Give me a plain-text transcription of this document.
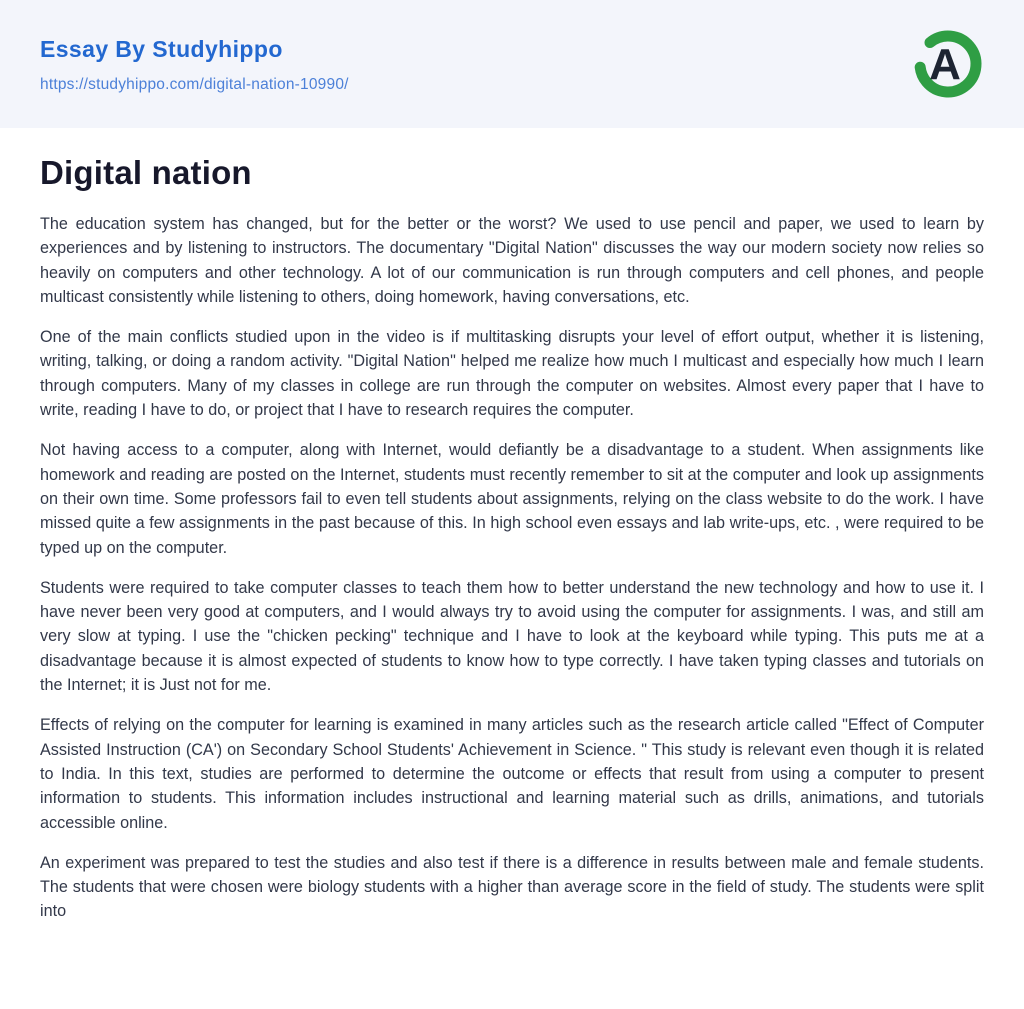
Essay By Studyhippo
https://studyhippo.com/digital-nation-10990/	A
Digital nation

The education system has changed, but for the better or the worst? We used to use pencil and paper, we used to learn by experiences and by listening to instructors. The documentary "Digital Nation" discusses the way our modern society now relies so heavily on computers and other technology. A lot of our communication is run through computers and cell phones, and people multicast consistently while listening to others, doing homework, having conversations, etc.

One of the main conflicts studied upon in the video is if multitasking disrupts your level of effort output, whether it is listening, writing, talking, or doing a random activity. "Digital Nation" helped me realize how much I multicast and especially how much I learn through computers. Many of my classes in college are run through the computer on websites. Almost every paper that I have to write, reading I have to do, or project that I have to research requires the computer.

Not having access to a computer, along with Internet, would defiantly be a disadvantage to a student. When assignments like homework and reading are posted on the Internet, students must recently remember to sit at the computer and look up assignments on their own time. Some professors fail to even tell students about assignments, relying on the class website to do the work. I have missed quite a few assignments in the past because of this. In high school even essays and lab write-ups, etc. , were required to be typed up on the computer.

Students were required to take computer classes to teach them how to better understand the new technology and how to use it. I have never been very good at computers, and I would always try to avoid using the computer for assignments. I was, and still am very slow at typing. I use the "chicken pecking" technique and I have to look at the keyboard while typing. This puts me at a disadvantage because it is almost expected of students to know how to type correctly. I have taken typing classes and tutorials on the Internet; it is Just not for me.

Effects of relying on the computer for learning is examined in many articles such as the research article called "Effect of Computer Assisted Instruction (CA') on Secondary School Students' Achievement in Science. " This study is relevant even though it is related to India. In this text, studies are performed to determine the outcome or effects that result from using a computer to present information to students. This information includes instructional and learning material such as drills, animations, and tutorials accessible online.

An experiment was prepared to test the studies and also test if there is a difference in results between male and female students. The students that were chosen were biology students with a higher than average score in the field of study. The students were split into
